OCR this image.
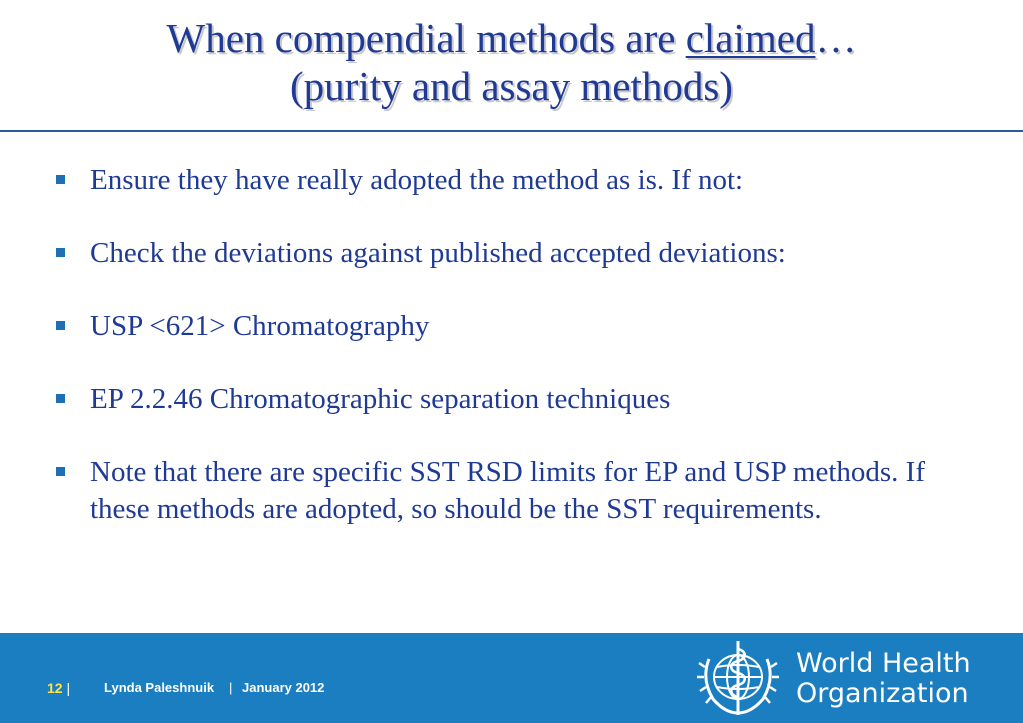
When compendial methods are claimed…
(purity and assay methods)
Ensure they have really adopted the method as is. If not:
Check the deviations against published accepted deviations:
USP <621> Chromatography
EP 2.2.46 Chromatographic separation techniques
Note that there are specific SST RSD limits for EP and USP methods. If these methods are adopted, so should be the SST requirements.
12 |	Lynda Paleshnuik | January 2012
World Health
Organization
